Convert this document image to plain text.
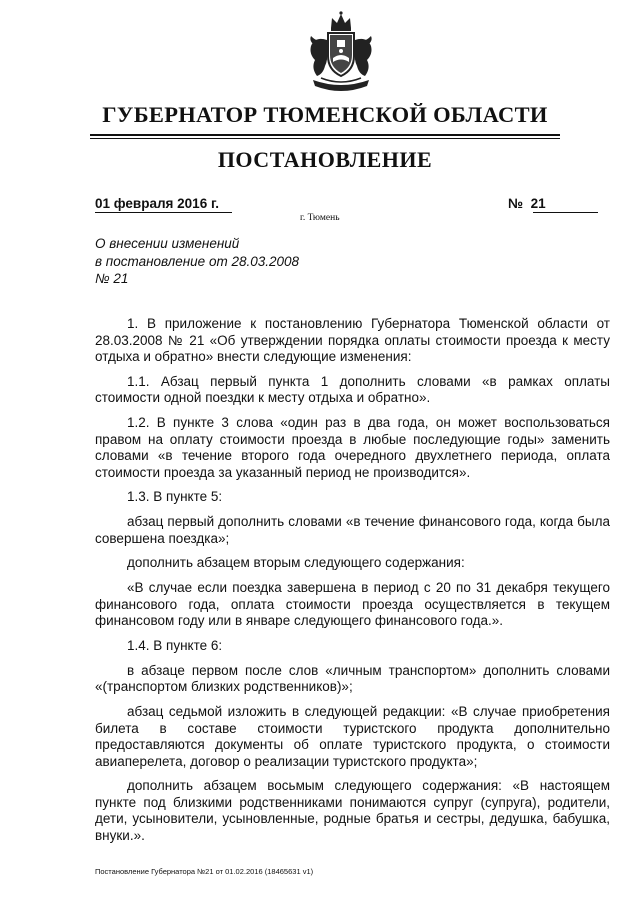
ГУБЕРНАТОР ТЮМЕНСКОЙ ОБЛАСТИ
ПОСТАНОВЛЕНИЕ
01 февраля 2016 г.	№ 21
г. Тюмень
О внесении изменений
в постановление от 28.03.2008
№ 21

1. В приложение к постановлению Губернатора Тюменской области от 28.03.2008 № 21 «Об утверждении порядка оплаты стоимости проезда к месту отдыха и обратно» внести следующие изменения:

1.1. Абзац первый пункта 1 дополнить словами «в рамках оплаты стоимости одной поездки к месту отдыха и обратно».

1.2. В пункте 3 слова «один раз в два года, он может воспользоваться правом на оплату стоимости проезда в любые последующие годы» заменить словами «в течение второго года очередного двухлетнего периода, оплата стоимости проезда за указанный период не производится».

1.3. В пункте 5:

абзац первый дополнить словами «в течение финансового года, когда была совершена поездка»;

дополнить абзацем вторым следующего содержания:

«В случае если поездка завершена в период с 20 по 31 декабря текущего финансового года, оплата стоимости проезда осуществляется в текущем финансовом году или в январе следующего финансового года.».

1.4. В пункте 6:

в абзаце первом после слов «личным транспортом» дополнить словами «(транспортом близких родственников)»;

абзац седьмой изложить в следующей редакции: «В случае приобретения билета в составе стоимости туристского продукта дополнительно предоставляются документы об оплате туристского продукта, о стоимости авиаперелета, договор о реализации туристского продукта»;

дополнить абзацем восьмым следующего содержания: «В настоящем пункте под близкими родственниками понимаются супруг (супруга), родители, дети, усыновители, усыновленные, родные братья и сестры, дедушка, бабушка, внуки.».

Постановление Губернатора №21 от 01.02.2016 (18465631 v1)
